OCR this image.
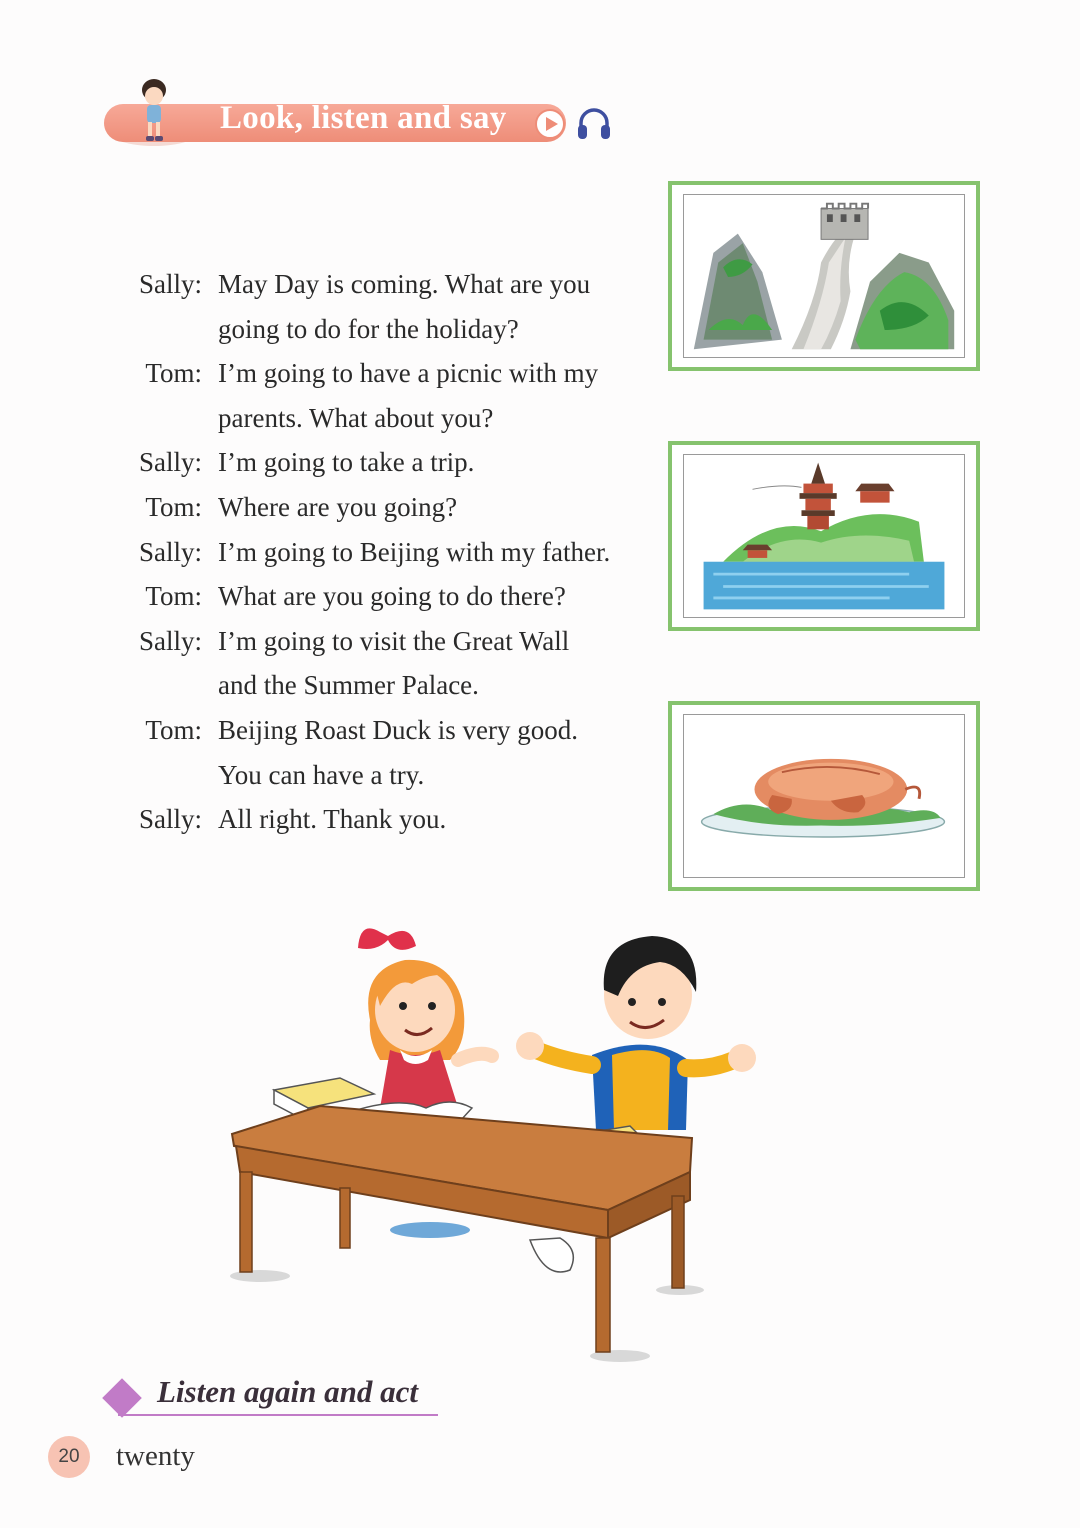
Look, listen and say
Sally: May Day is coming. What are you
going to do for the holiday?
Tom: I’m going to have a picnic with my
parents. What about you?
Sally: I’m going to take a trip.
Tom: Where are you going?
Sally: I’m going to Beijing with my father.
Tom: What are you going to do there?
Sally: I’m going to visit the Great Wall
and the Summer Palace.
Tom: Beijing Roast Duck is very good.
You can have a try.
Sally: All right. Thank you.
Listen again and act
20	twenty
